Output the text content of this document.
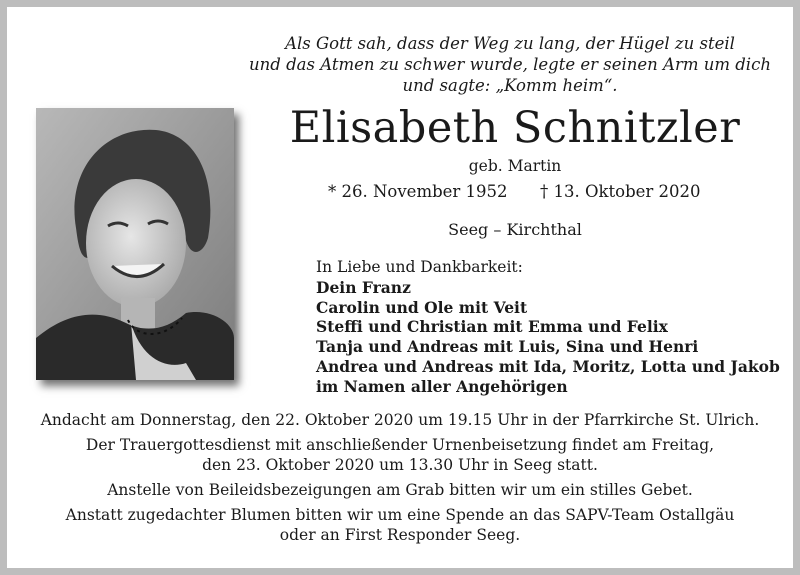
Als Gott sah, dass der Weg zu lang, der Hügel zu steil
und das Atmen zu schwer wurde, legte er seinen Arm um dich
und sagte: „Komm heim“.
Elisabeth Schnitzler
geb. Martin
* 26. November 1952 † 13. Oktober 2020
Seeg – Kirchthal
In Liebe und Dankbarkeit:
Dein Franz
Carolin und Ole mit Veit
Steffi und Christian mit Emma und Felix
Tanja und Andreas mit Luis, Sina und Henri
Andrea und Andreas mit Ida, Moritz, Lotta und Jakob
im Namen aller Angehörigen
Andacht am Donnerstag, den 22. Oktober 2020 um 19.15 Uhr in der Pfarrkirche St. Ulrich.
Der Trauergottesdienst mit anschließender Urnenbeisetzung findet am Freitag,
den 23. Oktober 2020 um 13.30 Uhr in Seeg statt.
Anstelle von Beileidsbezeigungen am Grab bitten wir um ein stilles Gebet.
Anstatt zugedachter Blumen bitten wir um eine Spende an das SAPV-Team Ostallgäu
oder an First Responder Seeg.
